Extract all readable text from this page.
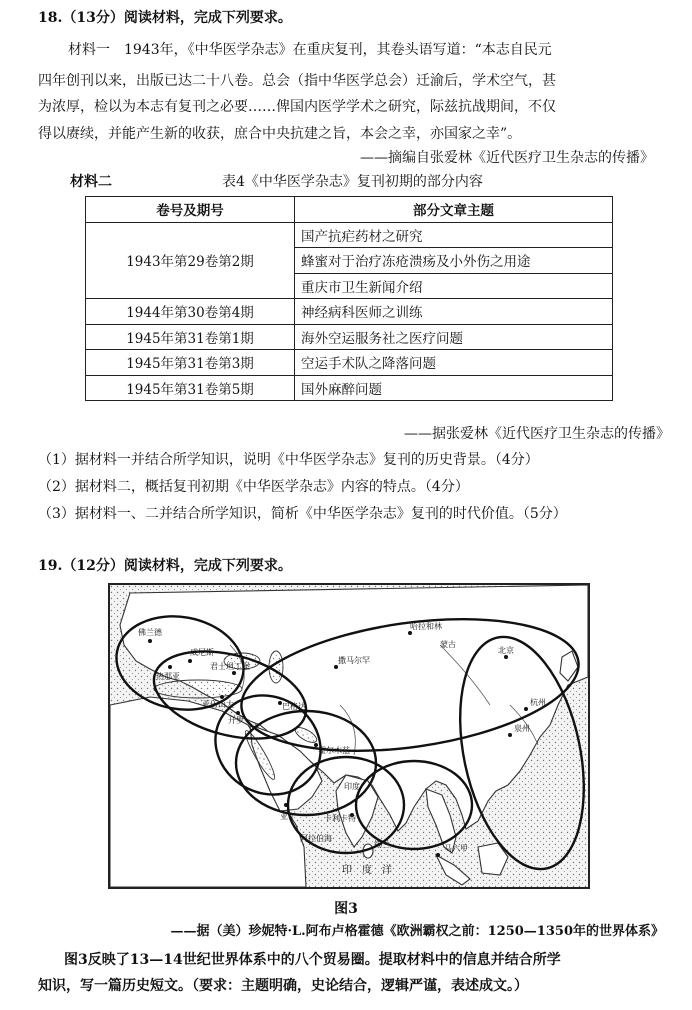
18.（13分）阅读材料，完成下列要求。
材料一　1943年，《中华医学杂志》在重庆复刊，其卷头语写道：“本志自民元
四年创刊以来，出版已达二十八卷。总会（指中华医学总会）迁渝后，学术空气，甚
为浓厚，检以为本志有复刊之必要……俾国内医学学术之研究，际兹抗战期间，不仅
得以赓续，并能产生新的收获，庶合中央抗建之旨，本会之幸，亦国家之幸”。
——摘编自张爱林《近代医疗卫生杂志的传播》
材料二	表4《中华医学杂志》复刊初期的部分内容
卷号及期号	部分文章主题
1943年第29卷第2期	国产抗疟药材之研究
	蜂蜜对于治疗冻疮溃疡及小外伤之用途
	重庆市卫生新闻介绍
1944年第30卷第4期	神经病科医师之训练
1945年第31卷第1期	海外空运服务社之医疗问题
1945年第31卷第3期	空运手术队之降落问题
1945年第31卷第5期	国外麻醉问题
——据张爱林《近代医疗卫生杂志的传播》
（1）据材料一并结合所学知识，说明《中华医学杂志》复刊的历史背景。（4分）
（2）据材料二，概括复刊初期《中华医学杂志》内容的特点。（4分）
（3）据材料一、二并结合所学知识，简析《中华医学杂志》复刊的时代价值。（5分）
19.（12分）阅读材料，完成下列要求。
佛兰德
热那亚
威尼斯
君士坦丁堡
亚历山大
开罗
巴格达
霍尔木兹
亚丁
撒马尔罕
哈拉和林
蒙古
北京
杭州
泉州
印度
卡利卡特
锡兰	马六甲
阿拉伯海
印　度　洋
图3
——据（美）珍妮特·L.阿布卢格霍德《欧洲霸权之前：1250—1350年的世界体系》
图3反映了13—14世纪世界体系中的八个贸易圈。提取材料中的信息并结合所学
知识，写一篇历史短文。（要求：主题明确，史论结合，逻辑严谨，表述成文。）
